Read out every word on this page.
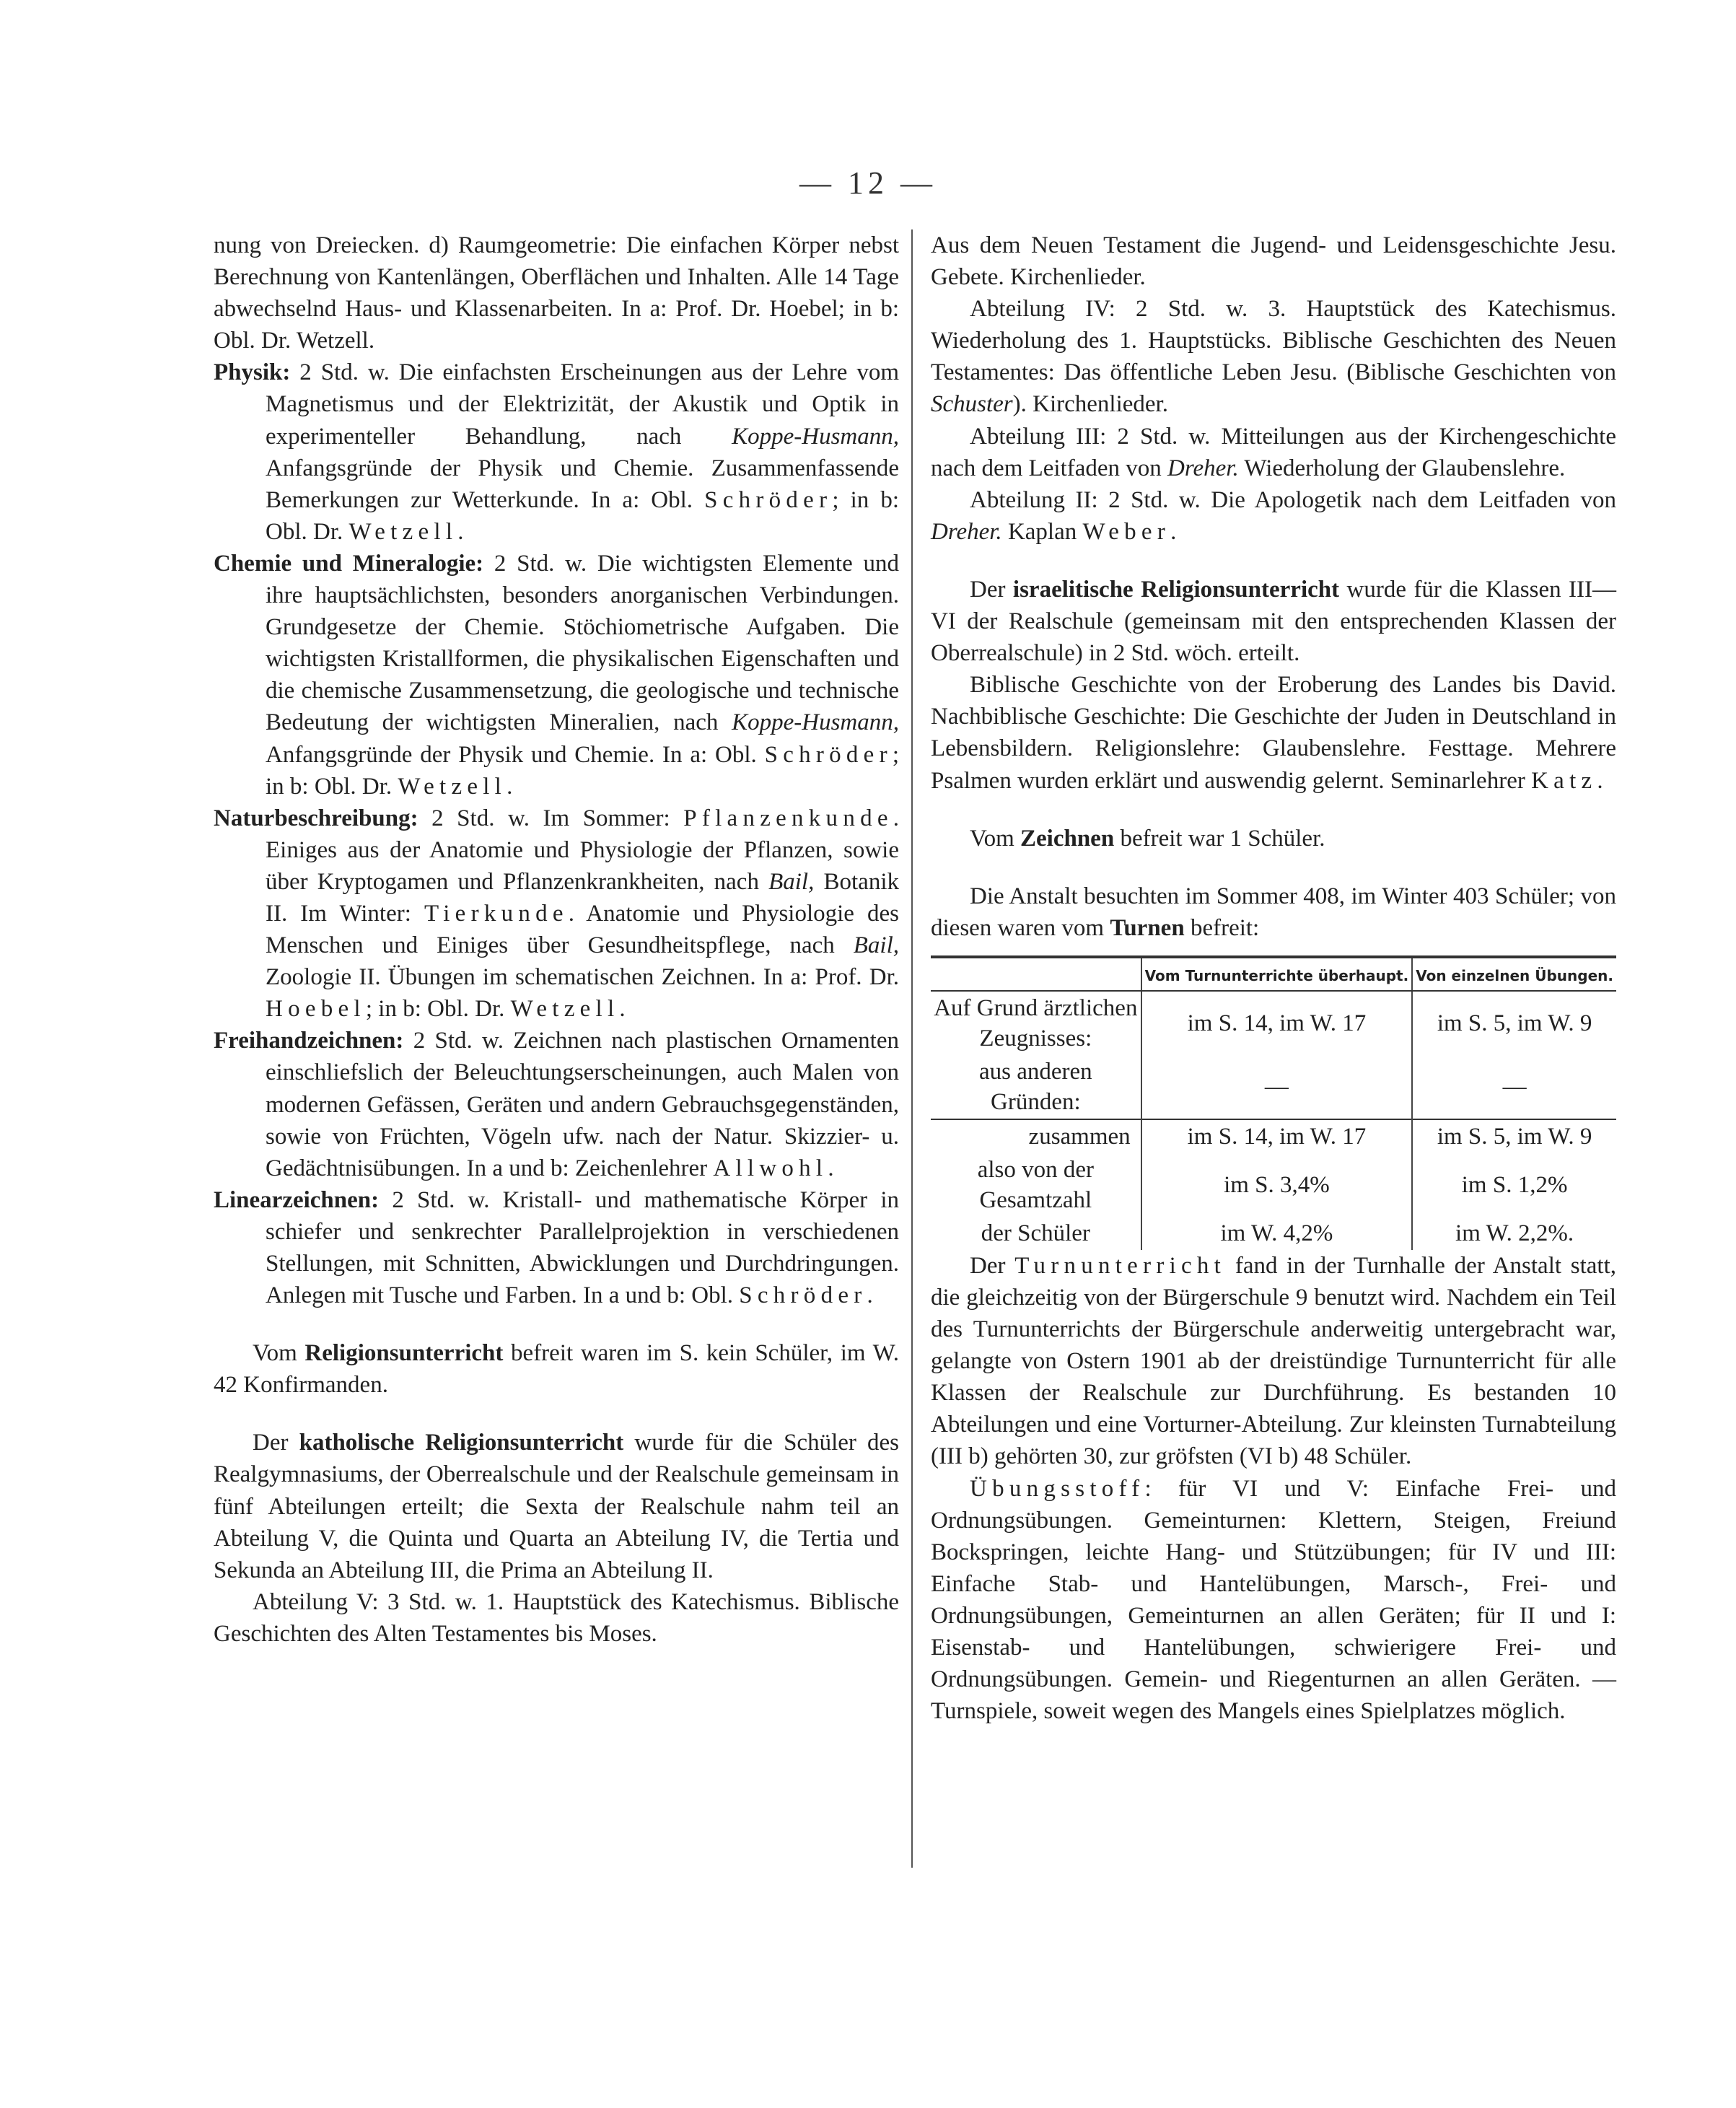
— 12 —

nung von Dreiecken. d) Raumgeometrie: Die einfachen Körper nebst Berechnung von Kantenlängen, Oberflächen und Inhalten. Alle 14 Tage abwechselnd Haus- und Klassenarbeiten. In a: Prof. Dr. Hoebel; in b: Obl. Dr. Wetzell.

Physik: 2 Std. w. Die einfachsten Erscheinungen aus der Lehre vom Magnetismus und der Elektrizität, der Akustik und Optik in experimenteller Behandlung, nach Koppe-Husmann, Anfangsgründe der Physik und Chemie. Zusammenfassende Bemerkungen zur Wetterkunde. In a: Obl. Schröder; in b: Obl. Dr. Wetzell.

Chemie und Mineralogie: 2 Std. w. Die wichtigsten Elemente und ihre hauptsächlichsten, besonders anorganischen Verbindungen. Grundgesetze der Chemie. Stöchiometrische Aufgaben. Die wichtigsten Kristallformen, die physikalischen Eigenschaften und die chemische Zusammensetzung, die geologische und technische Bedeutung der wichtigsten Mineralien, nach Koppe-Husmann, Anfangsgründe der Physik und Chemie. In a: Obl. Schröder; in b: Obl. Dr. Wetzell.

Naturbeschreibung: 2 Std. w. Im Sommer: Pflanzenkunde. Einiges aus der Anatomie und Physiologie der Pflanzen, sowie über Kryptogamen und Pflanzenkrankheiten, nach Bail, Botanik II. Im Winter: Tierkunde. Anatomie und Physiologie des Menschen und Einiges über Gesundheitspflege, nach Bail, Zoologie II. Übungen im schematischen Zeichnen. In a: Prof. Dr. Hoebel; in b: Obl. Dr. Wetzell.

Freihandzeichnen: 2 Std. w. Zeichnen nach plastischen Ornamenten einschliefslich der Beleuchtungserscheinungen, auch Malen von modernen Gefässen, Geräten und andern Gebrauchsgegenständen, sowie von Früchten, Vögeln ufw. nach der Natur. Skizzier- u. Gedächtnisübungen. In a und b: Zeichenlehrer Allwohl.

Linearzeichnen: 2 Std. w. Kristall- und mathematische Körper in schiefer und senkrechter Parallelprojektion in verschiedenen Stellungen, mit Schnitten, Abwicklungen und Durchdringungen. Anlegen mit Tusche und Farben. In a und b: Obl. Schröder.

Vom Religionsunterricht befreit waren im S. kein Schüler, im W. 42 Konfirmanden.

Der katholische Religionsunterricht wurde für die Schüler des Realgymnasiums, der Oberrealschule und der Realschule gemeinsam in fünf Abteilungen erteilt; die Sexta der Realschule nahm teil an Abteilung V, die Quinta und Quarta an Abteilung IV, die Tertia und Sekunda an Abteilung III, die Prima an Abteilung II.

Abteilung V: 3 Std. w. 1. Hauptstück des Katechismus. Biblische Geschichten des Alten Testamentes bis Moses.

Aus dem Neuen Testament die Jugend- und Leidensgeschichte Jesu. Gebete. Kirchenlieder.

Abteilung IV: 2 Std. w. 3. Hauptstück des Katechismus. Wiederholung des 1. Hauptstücks. Biblische Geschichten des Neuen Testamentes: Das öffentliche Leben Jesu. (Biblische Geschichten von Schuster). Kirchenlieder.

Abteilung III: 2 Std. w. Mitteilungen aus der Kirchengeschichte nach dem Leitfaden von Dreher. Wiederholung der Glaubenslehre.

Abteilung II: 2 Std. w. Die Apologetik nach dem Leitfaden von Dreher. Kaplan Weber.

Der israelitische Religionsunterricht wurde für die Klassen III—VI der Realschule (gemeinsam mit den entsprechenden Klassen der Oberrealschule) in 2 Std. wöch. erteilt.

Biblische Geschichte von der Eroberung des Landes bis David. Nachbiblische Geschichte: Die Geschichte der Juden in Deutschland in Lebensbildern. Religionslehre: Glaubenslehre. Festtage. Mehrere Psalmen wurden erklärt und auswendig gelernt. Seminarlehrer Katz.

Vom Zeichnen befreit war 1 Schüler.

Die Anstalt besuchten im Sommer 408, im Winter 403 Schüler; von diesen waren vom Turnen befreit:

	Vom Turnunterrichte überhaupt.	Von einzelnen Übungen.
Auf Grund ärztlichen Zeugnisses:	im S. 14, im W. 17	im S. 5, im W. 9
aus anderen Gründen:	—	—
zusammen	im S. 14, im W. 17	im S. 5, im W. 9
also von der Gesamtzahl	im S. 3,4%	im S. 1,2%
der Schüler	im W. 4,2%	im W. 2,2%.

Der Turnunterricht fand in der Turnhalle der Anstalt statt, die gleichzeitig von der Bürgerschule 9 benutzt wird. Nachdem ein Teil des Turnunterrichts der Bürgerschule anderweitig untergebracht war, gelangte von Ostern 1901 ab der dreistündige Turnunterricht für alle Klassen der Realschule zur Durchführung. Es bestanden 10 Abteilungen und eine Vorturner-Abteilung. Zur kleinsten Turnabteilung (III b) gehörten 30, zur gröfsten (VI b) 48 Schüler.

Übungsstoff: für VI und V: Einfache Frei- und Ordnungsübungen. Gemeinturnen: Klettern, Steigen, Freiund Bockspringen, leichte Hang- und Stützübungen; für IV und III: Einfache Stab- und Hantelübungen, Marsch-, Frei- und Ordnungsübungen, Gemeinturnen an allen Geräten; für II und I: Eisenstab- und Hantelübungen, schwierigere Frei- und Ordnungsübungen. Gemein- und Riegenturnen an allen Geräten. — Turnspiele, soweit wegen des Mangels eines Spielplatzes möglich.
